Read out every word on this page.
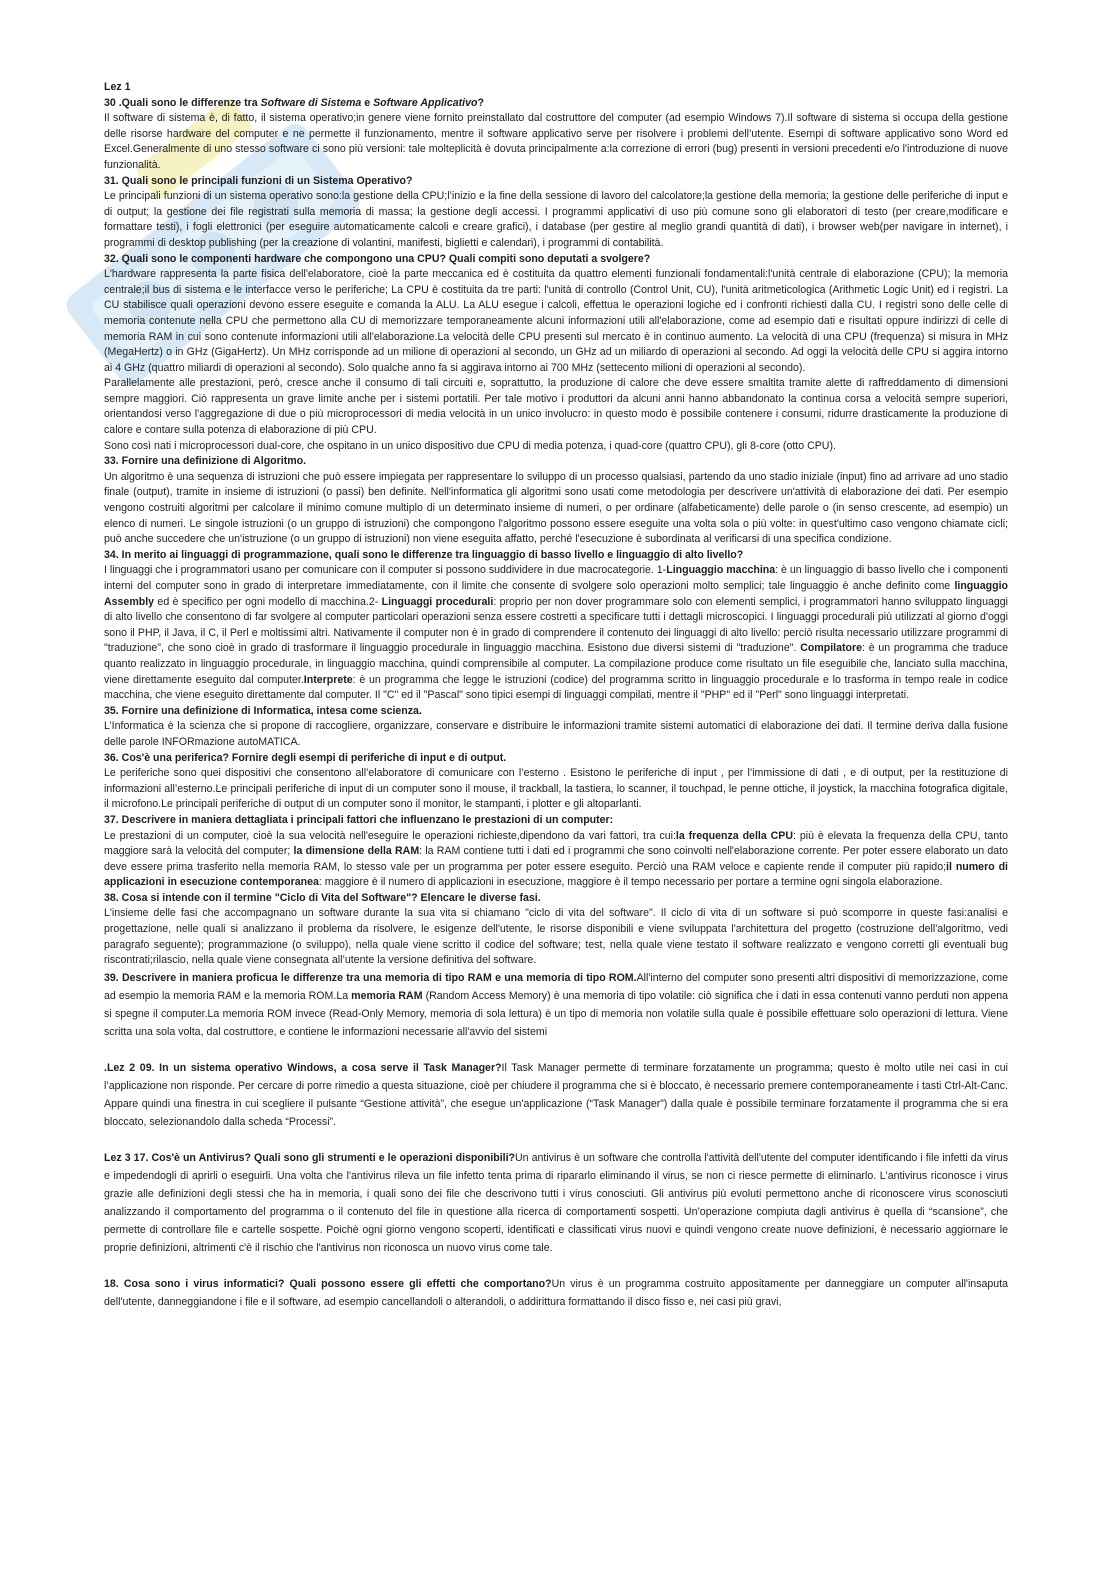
Lez 1

30 .Quali sono le differenze tra Software di Sistema e Software Applicativo?

Il software di sistema è, di fatto, il sistema operativo;in genere viene fornito preinstallato dal costruttore del computer (ad esempio Windows 7).Il software di sistema si occupa della gestione delle risorse hardware del computer e ne permette il funzionamento, mentre il software applicativo serve per risolvere i problemi dell’utente. Esempi di software applicativo sono Word ed Excel.Generalmente di uno stesso software ci sono più versioni: tale molteplicità è dovuta principalmente a:la correzione di errori (bug) presenti in versioni precedenti e/o l'introduzione di nuove funzionalità.

31. Quali sono le principali funzioni di un Sistema Operativo?

Le principali funzioni di un sistema operativo sono:la gestione della CPU;l’inizio e la fine della sessione di lavoro del calcolatore;la gestione della memoria; la gestione delle periferiche di input e di output; la gestione dei file registrati sulla memoria di massa; la gestione degli accessi. I programmi applicativi di uso più comune sono gli elaboratori di testo (per creare,modificare e formattare testi), i fogli elettronici (per eseguire automaticamente calcoli e creare grafici), i database (per gestire al meglio grandi quantità di dati), i browser web(per navigare in internet), i programmi di desktop publishing (per la creazione di volantini, manifesti, biglietti e calendari), i programmi di contabilità.

32. Quali sono le componenti hardware che compongono una CPU? Quali compiti sono deputati a svolgere?

L'hardware rappresenta la parte fisica dell'elaboratore, cioè la parte meccanica ed è costituita da quattro elementi funzionali fondamentali:l'unità centrale di elaborazione (CPU); la memoria centrale;il bus di sistema e le interfacce verso le periferiche; La CPU è costituita da tre parti: l'unità di controllo (Control Unit, CU), l'unità aritmeticologica (Arithmetic Logic Unit) ed i registri. La CU stabilisce quali operazioni devono essere eseguite e comanda la ALU. La ALU esegue i calcoli, effettua le operazioni logiche ed i confronti richiesti dalla CU. I registri sono delle celle di memoria contenute nella CPU che permettono alla CU di memorizzare temporaneamente alcuni informazioni utili all'elaborazione, come ad esempio dati e risultati oppure indirizzi di celle di memoria RAM in cui sono contenute informazioni utili all'elaborazione.La velocità delle CPU presenti sul mercato è in continuo aumento. La velocità di una CPU (frequenza) si misura in MHz (MegaHertz) o in GHz (GigaHertz). Un MHz corrisponde ad un milione di operazioni al secondo, un GHz ad un miliardo di operazioni al secondo. Ad oggi la velocità delle CPU si aggira intorno ai 4 GHz (quattro miliardi di operazioni al secondo). Solo qualche anno fa si aggirava intorno ai 700 MHz (settecento milioni di operazioni al secondo).

Parallelamente alle prestazioni, però, cresce anche il consumo di tali circuiti e, soprattutto, la produzione di calore che deve essere smaltita tramite alette di raffreddamento di dimensioni sempre maggiori. Ciò rappresenta un grave limite anche per i sistemi portatili. Per tale motivo i produttori da alcuni anni hanno abbandonato la continua corsa a velocità sempre superiori, orientandosi verso l'aggregazione di due o più microprocessori di media velocità in un unico involucro: in questo modo è possibile contenere i consumi, ridurre drasticamente la produzione di calore e contare sulla potenza di elaborazione di più CPU.

Sono così nati i microprocessori dual-core, che ospitano in un unico dispositivo due CPU di media potenza, i quad-core (quattro CPU), gli 8-core (otto CPU).

33. Fornire una definizione di Algoritmo.

Un algoritmo è una sequenza di istruzioni che può essere impiegata per rappresentare lo sviluppo di un processo qualsiasi, partendo da uno stadio iniziale (input) fino ad arrivare ad uno stadio finale (output), tramite in insieme di istruzioni (o passi) ben definite. Nell'informatica gli algoritmi sono usati come metodologia per descrivere un'attività di elaborazione dei dati. Per esempio vengono costruiti algoritmi per calcolare il minimo comune multiplo di un determinato insieme di numeri, o per ordinare (alfabeticamente) delle parole o (in senso crescente, ad esempio) un elenco di numeri. Le singole istruzioni (o un gruppo di istruzioni) che compongono l'algoritmo possono essere eseguite una volta sola o più volte: in quest'ultimo caso vengono chiamate cicli; può anche succedere che un'istruzione (o un gruppo di istruzioni) non viene eseguita affatto, perché l'esecuzione è subordinata al verificarsi di una specifica condizione.

34. In merito ai linguaggi di programmazione, quali sono le differenze tra linguaggio di basso livello e linguaggio di alto livello?

I linguaggi che i programmatori usano per comunicare con il computer si possono suddividere in due macrocategorie. 1-Linguaggio macchina: è un linguaggio di basso livello che i componenti interni del computer sono in grado di interpretare immediatamente, con il limite che consente di svolgere solo operazioni molto semplici; tale linguaggio è anche definito come linguaggio Assembly ed è specifico per ogni modello di macchina.2- Linguaggi procedurali: proprio per non dover programmare solo con elementi semplici, i programmatori hanno sviluppato linguaggi di alto livello che consentono di far svolgere al computer particolari operazioni senza essere costretti a specificare tutti i dettagli microscopici. I linguaggi procedurali più utilizzati al giorno d'oggi sono il PHP, il Java, il C, il Perl e moltissimi altri. Nativamente il computer non è in grado di comprendere il contenuto dei linguaggi di alto livello: perciò risulta necessario utilizzare programmi di "traduzione", che sono cioè in grado di trasformare il linguaggio procedurale in linguaggio macchina. Esistono due diversi sistemi di "traduzione". Compilatore: è un programma che traduce quanto realizzato in linguaggio procedurale, in linguaggio macchina, quindi comprensibile al computer. La compilazione produce come risultato un file eseguibile che, lanciato sulla macchina, viene direttamente eseguito dal computer.Interprete: è un programma che legge le istruzioni (codice) del programma scritto in linguaggio procedurale e lo trasforma in tempo reale in codice macchina, che viene eseguito direttamente dal computer. Il "C" ed il "Pascal" sono tipici esempi di linguaggi compilati, mentre il "PHP" ed il "Perl" sono linguaggi interpretati.

35. Fornire una definizione di Informatica, intesa come scienza.

L’Informatica è la scienza che si propone di raccogliere, organizzare, conservare e distribuire le informazioni tramite sistemi automatici di elaborazione dei dati. Il termine deriva dalla fusione delle parole INFORmazione autoMATICA.

36. Cos'è una periferica? Fornire degli esempi di periferiche di input e di output.

Le periferiche sono quei dispositivi che consentono all’elaboratore di comunicare con l’esterno . Esistono le periferiche di input , per l’immissione di dati , e di output, per la restituzione di informazioni all’esterno.Le principali periferiche di input di un computer sono il mouse, il trackball, la tastiera, lo scanner, il touchpad, le penne ottiche, il joystick, la macchina fotografica digitale, il microfono.Le principali periferiche di output di un computer sono il monitor, le stampanti, i plotter e gli altoparlanti.

37. Descrivere in maniera dettagliata i principali fattori che influenzano le prestazioni di un computer:

Le prestazioni di un computer, cioè la sua velocità nell'eseguire le operazioni richieste,dipendono da vari fattori, tra cui:la frequenza della CPU: più è elevata la frequenza della CPU, tanto maggiore sarà la velocità del computer; la dimensione della RAM: la RAM contiene tutti i dati ed i programmi che sono coinvolti nell'elaborazione corrente. Per poter essere elaborato un dato deve essere prima trasferito nella memoria RAM, lo stesso vale per un programma per poter essere eseguito. Perciò una RAM veloce e capiente rende il computer più rapido;il numero di applicazioni in esecuzione contemporanea: maggiore è il numero di applicazioni in esecuzione, maggiore è il tempo necessario per portare a termine ogni singola elaborazione.

38. Cosa si intende con il termine "Ciclo di Vita del Software"? Elencare le diverse fasi.

L'insieme delle fasi che accompagnano un software durante la sua vita si chiamano "ciclo di vita del software". Il ciclo di vita di un software si può scomporre in queste fasi:analisi e progettazione, nelle quali si analizzano il problema da risolvere, le esigenze dell'utente, le risorse disponibili e viene sviluppata l'architettura del progetto (costruzione dell'algoritmo, vedi paragrafo seguente); programmazione (o sviluppo), nella quale viene scritto il codice del software; test, nella quale viene testato il software realizzato e vengono corretti gli eventuali bug riscontrati;rilascio, nella quale viene consegnata all’utente la versione definitiva del software.

39. Descrivere in maniera proficua le differenze tra una memoria di tipo RAM e una memoria di tipo ROM.All'interno del computer sono presenti altri dispositivi di memorizzazione, come ad esempio la memoria RAM e la memoria ROM.La memoria RAM (Random Access Memory) è una memoria di tipo volatile: ciò significa che i dati in essa contenuti vanno perduti non appena si spegne il computer.La memoria ROM invece (Read-Only Memory, memoria di sola lettura) è un tipo di memoria non volatile sulla quale è possibile effettuare solo operazioni di lettura. Viene scritta una sola volta, dal costruttore, e contiene le informazioni necessarie all'avvio del sistemi

.Lez 2 09. In un sistema operativo Windows, a cosa serve il Task Manager?Il Task Manager permette di terminare forzatamente un programma; questo è molto utile nei casi in cui l’applicazione non risponde. Per cercare di porre rimedio a questa situazione, cioè per chiudere il programma che si è bloccato, è necessario premere contemporaneamente i tasti Ctrl-Alt-Canc. Appare quindi una finestra in cui scegliere il pulsante “Gestione attività”, che esegue un'applicazione (“Task Manager”) dalla quale è possibile terminare forzatamente il programma che si era bloccato, selezionandolo dalla scheda “Processi”.

Lez 3 17. Cos'è un Antivirus? Quali sono gli strumenti e le operazioni disponibili?Un antivirus è un software che controlla l'attività dell'utente del computer identificando i file infetti da virus e impedendogli di aprirli o eseguirli. Una volta che l'antivirus rileva un file infetto tenta prima di ripararlo eliminando il virus, se non ci riesce permette di eliminarlo. L'antivirus riconosce i virus grazie alle definizioni degli stessi che ha in memoria, i quali sono dei file che descrivono tutti i virus conosciuti. Gli antivirus più evoluti permettono anche di riconoscere virus sconosciuti analizzando il comportamento del programma o il contenuto del file in questione alla ricerca di comportamenti sospetti. Un’operazione compiuta dagli antivirus è quella di “scansione”, che permette di controllare file e cartelle sospette. Poichè ogni giorno vengono scoperti, identificati e classificati virus nuovi e quindi vengono create nuove definizioni, è necessario aggiornare le proprie definizioni, altrimenti c'è il rischio che l'antivirus non riconosca un nuovo virus come tale.

18. Cosa sono i virus informatici? Quali possono essere gli effetti che comportano?Un virus è un programma costruito appositamente per danneggiare un computer all'insaputa dell'utente, danneggiandone i file e il software, ad esempio cancellandoli o alterandoli, o addirittura formattando il disco fisso e, nei casi più gravi,
